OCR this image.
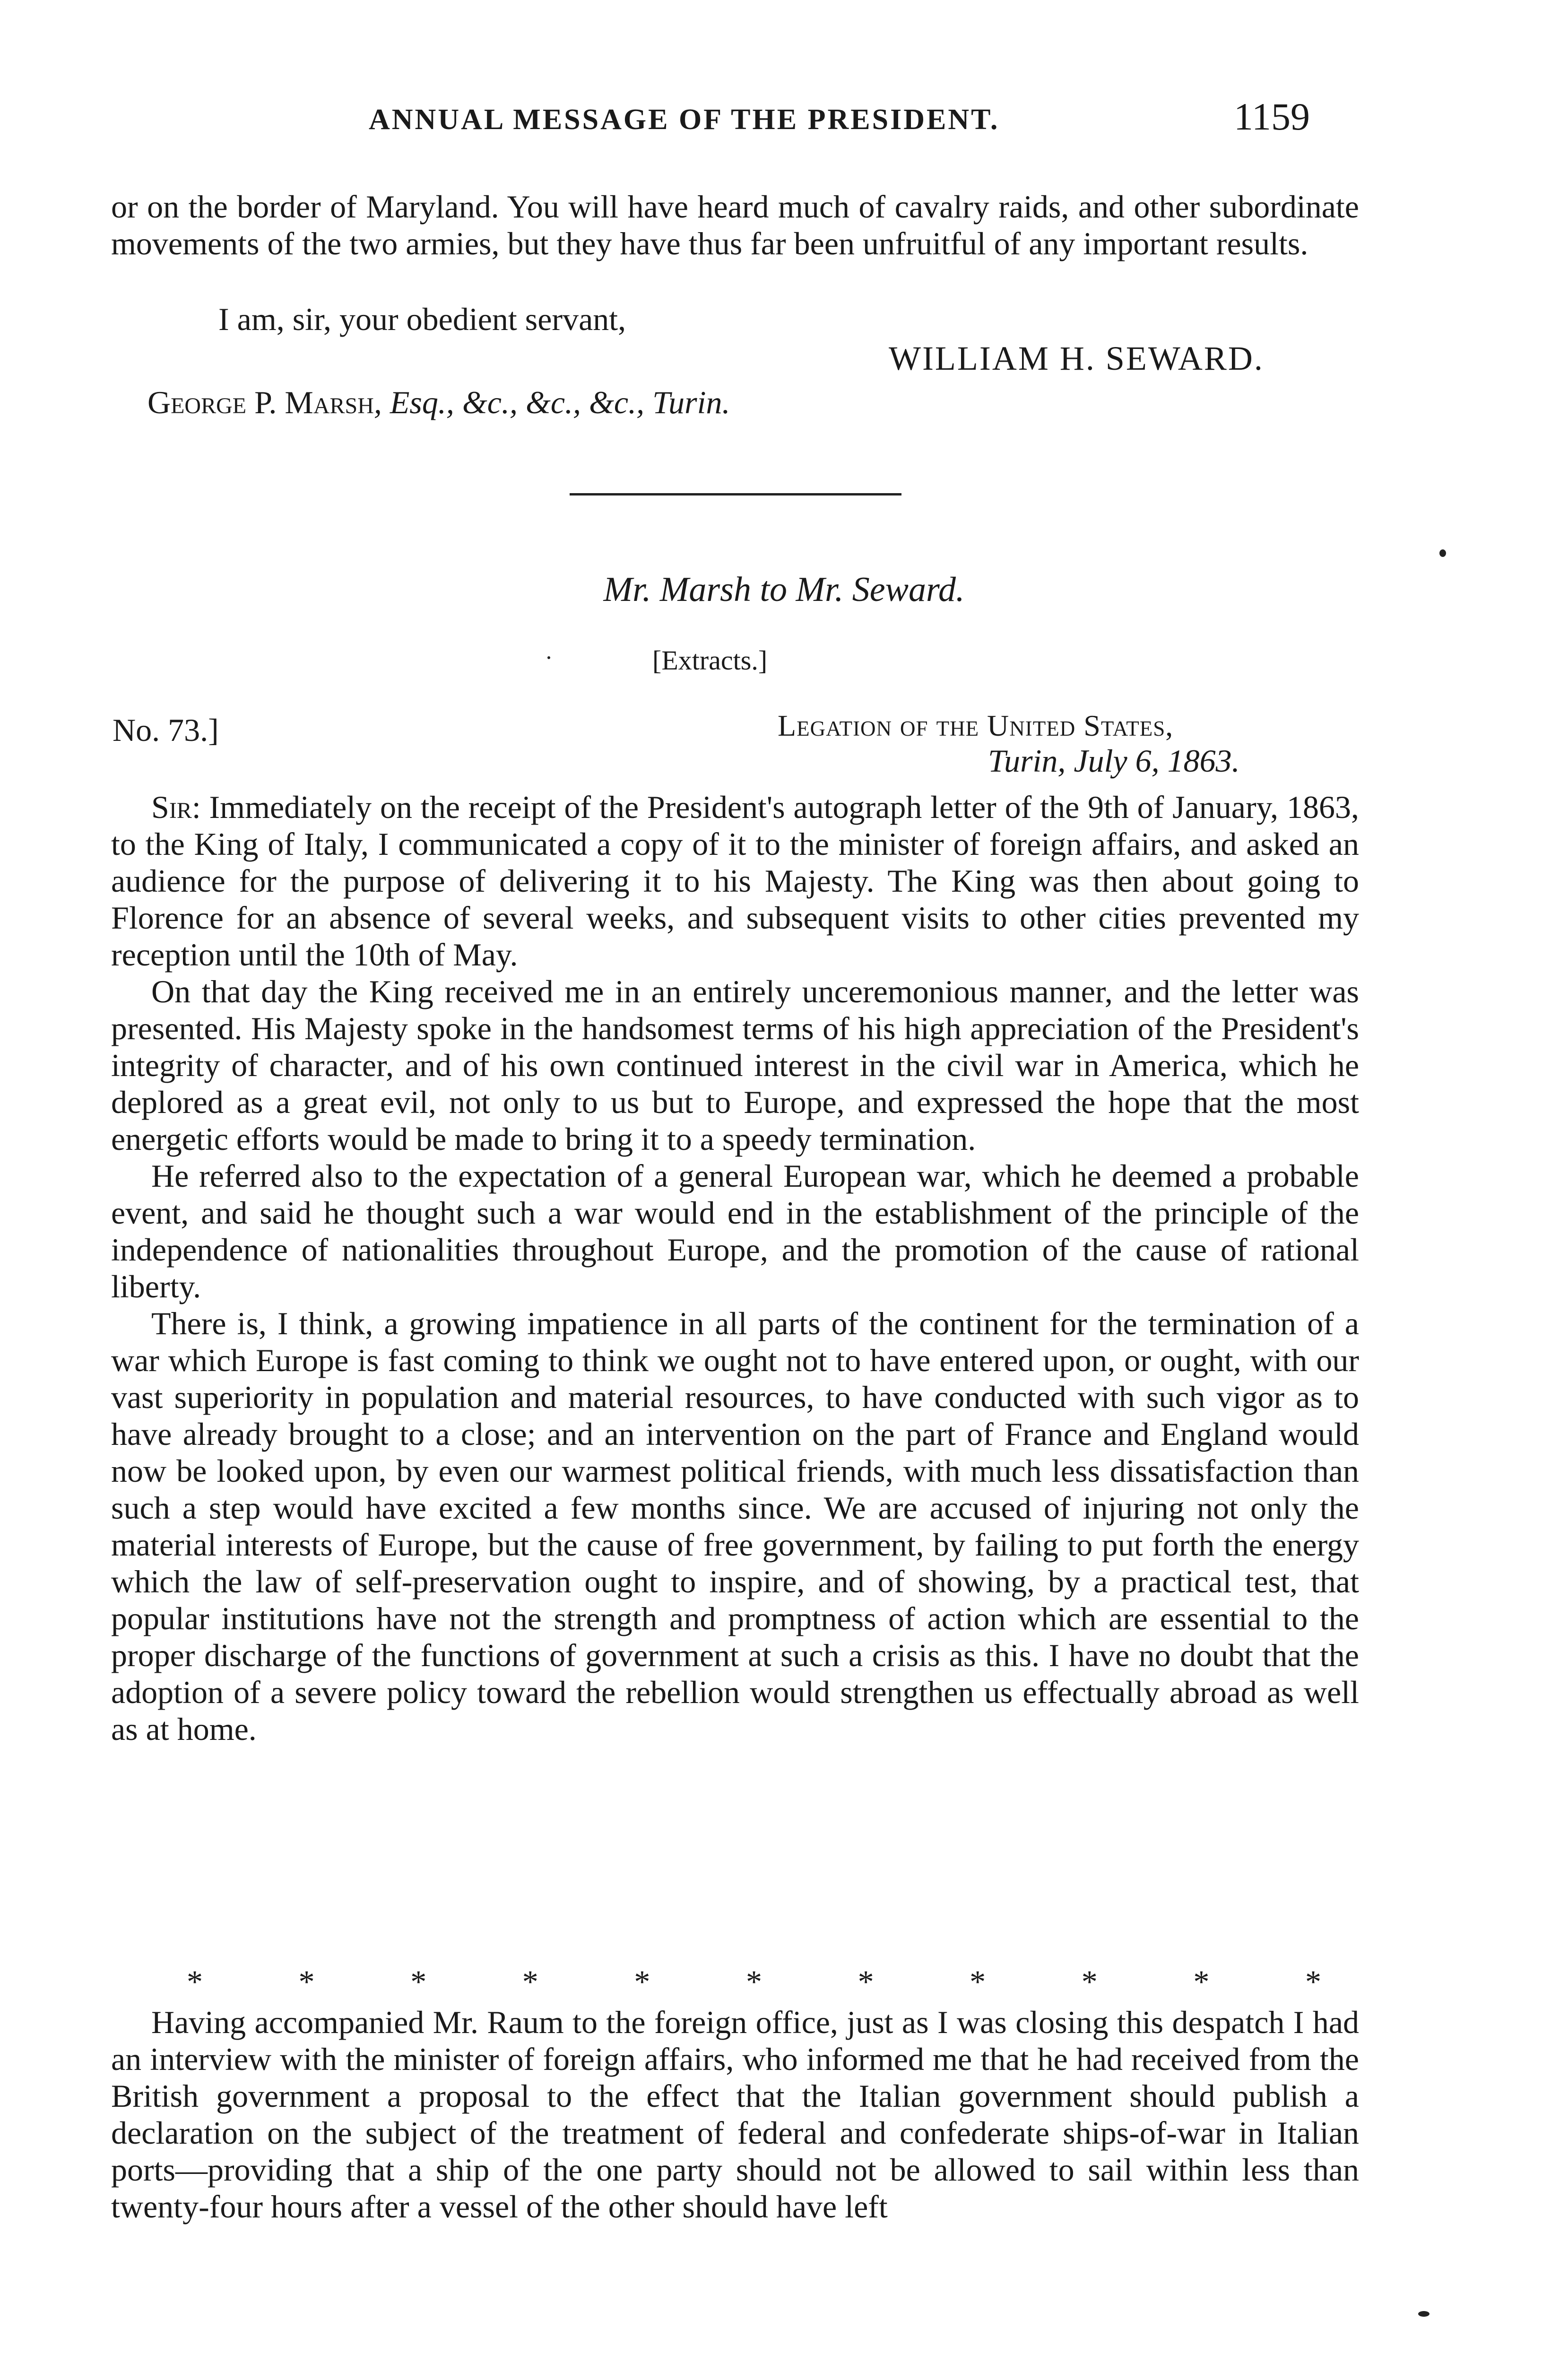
ANNUAL MESSAGE OF THE PRESIDENT.	1159

or on the border of Maryland. You will have heard much of cavalry raids, and other subordinate movements of the two armies, but they have thus far been unfruitful of any important results.

I am, sir, your obedient servant,
WILLIAM H. SEWARD.
George P. Marsh, Esq., &c., &c., &c., Turin.
Mr. Marsh to Mr. Seward.
[Extracts.]
No. 73.]	Legation of the United States,
Turin, July 6, 1863.

Sir: Immediately on the receipt of the President's autograph letter of the 9th of January, 1863, to the King of Italy, I communicated a copy of it to the minister of foreign affairs, and asked an audience for the purpose of delivering it to his Majesty. The King was then about going to Florence for an absence of several weeks, and subsequent visits to other cities prevented my reception until the 10th of May.

On that day the King received me in an entirely unceremonious manner, and the letter was presented. His Majesty spoke in the handsomest terms of his high appreciation of the President's integrity of character, and of his own continued interest in the civil war in America, which he deplored as a great evil, not only to us but to Europe, and expressed the hope that the most energetic efforts would be made to bring it to a speedy termination.

He referred also to the expectation of a general European war, which he deemed a probable event, and said he thought such a war would end in the establishment of the principle of the independence of nationalities throughout Europe, and the promotion of the cause of rational liberty.

There is, I think, a growing impatience in all parts of the continent for the termination of a war which Europe is fast coming to think we ought not to have entered upon, or ought, with our vast superiority in population and material resources, to have conducted with such vigor as to have already brought to a close; and an intervention on the part of France and England would now be looked upon, by even our warmest political friends, with much less dissatisfaction than such a step would have excited a few months since. We are accused of injuring not only the material interests of Europe, but the cause of free government, by failing to put forth the energy which the law of self-preservation ought to inspire, and of showing, by a practical test, that popular institutions have not the strength and promptness of action which are essential to the proper discharge of the functions of government at such a crisis as this. I have no doubt that the adoption of a severe policy toward the rebellion would strengthen us effectually abroad as well as at home.

*	*	*	*	*	*	*	*	*	*	*

Having accompanied Mr. Raum to the foreign office, just as I was closing this despatch I had an interview with the minister of foreign affairs, who informed me that he had received from the British government a proposal to the effect that the Italian government should publish a declaration on the subject of the treatment of federal and confederate ships-of-war in Italian ports—providing that a ship of the one party should not be allowed to sail within less than twenty-four hours after a vessel of the other should have left
